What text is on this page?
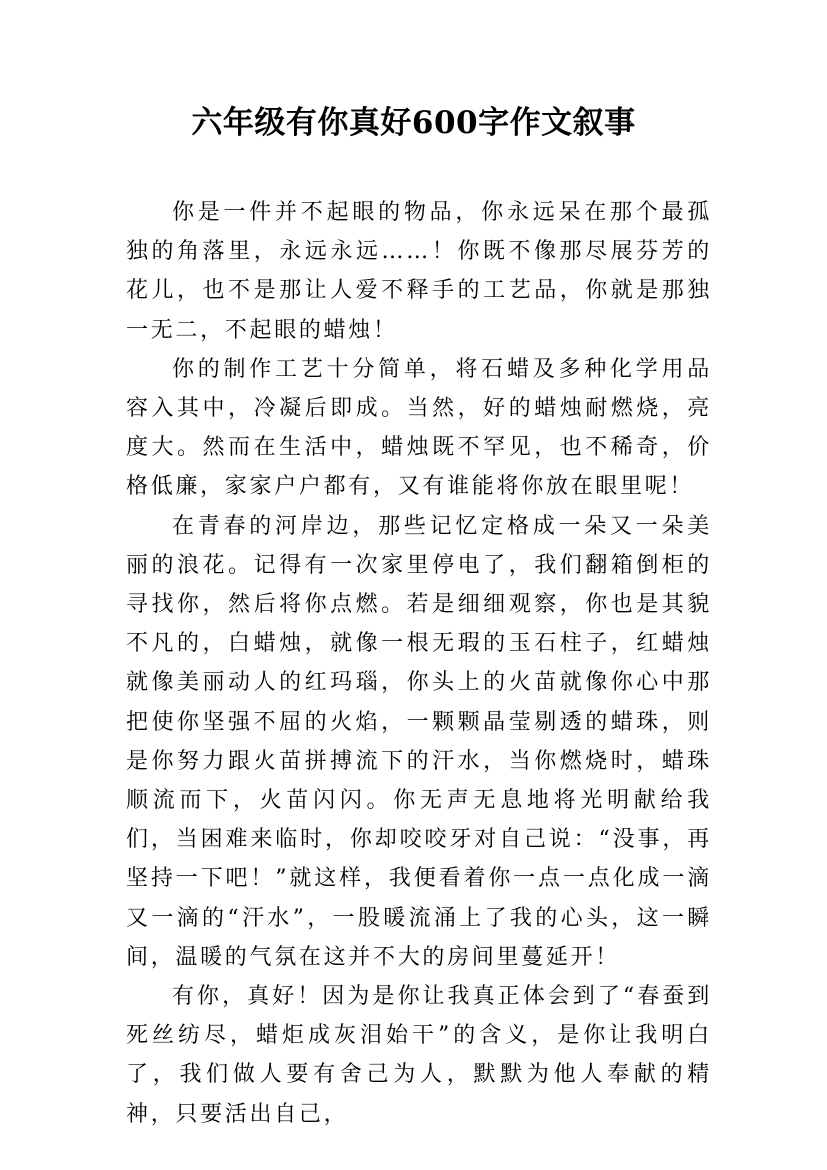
六年级有你真好600字作文叙事

你是一件并不起眼的物品，你永远呆在那个最孤独的角落里，永远永远……！你既不像那尽展芬芳的花儿，也不是那让人爱不释手的工艺品，你就是那独一无二，不起眼的蜡烛！

你的制作工艺十分简单，将石蜡及多种化学用品容入其中，冷凝后即成。当然，好的蜡烛耐燃烧，亮度大。然而在生活中，蜡烛既不罕见，也不稀奇，价格低廉，家家户户都有，又有谁能将你放在眼里呢！

在青春的河岸边，那些记忆定格成一朵又一朵美丽的浪花。记得有一次家里停电了，我们翻箱倒柜的寻找你，然后将你点燃。若是细细观察，你也是其貌不凡的，白蜡烛，就像一根无瑕的玉石柱子，红蜡烛就像美丽动人的红玛瑙，你头上的火苗就像你心中那把使你坚强不屈的火焰，一颗颗晶莹剔透的蜡珠，则是你努力跟火苗拼搏流下的汗水，当你燃烧时，蜡珠顺流而下，火苗闪闪。你无声无息地将光明献给我们，当困难来临时，你却咬咬牙对自己说：“没事，再坚持一下吧！”就这样，我便看着你一点一点化成一滴又一滴的“汗水”，一股暖流涌上了我的心头，这一瞬间，温暖的气氛在这并不大的房间里蔓延开！

有你，真好！因为是你让我真正体会到了“春蚕到死丝纺尽，蜡炬成灰泪始干”的含义，是你让我明白了，我们做人要有舍己为人，默默为他人奉献的精神，只要活出自己，
